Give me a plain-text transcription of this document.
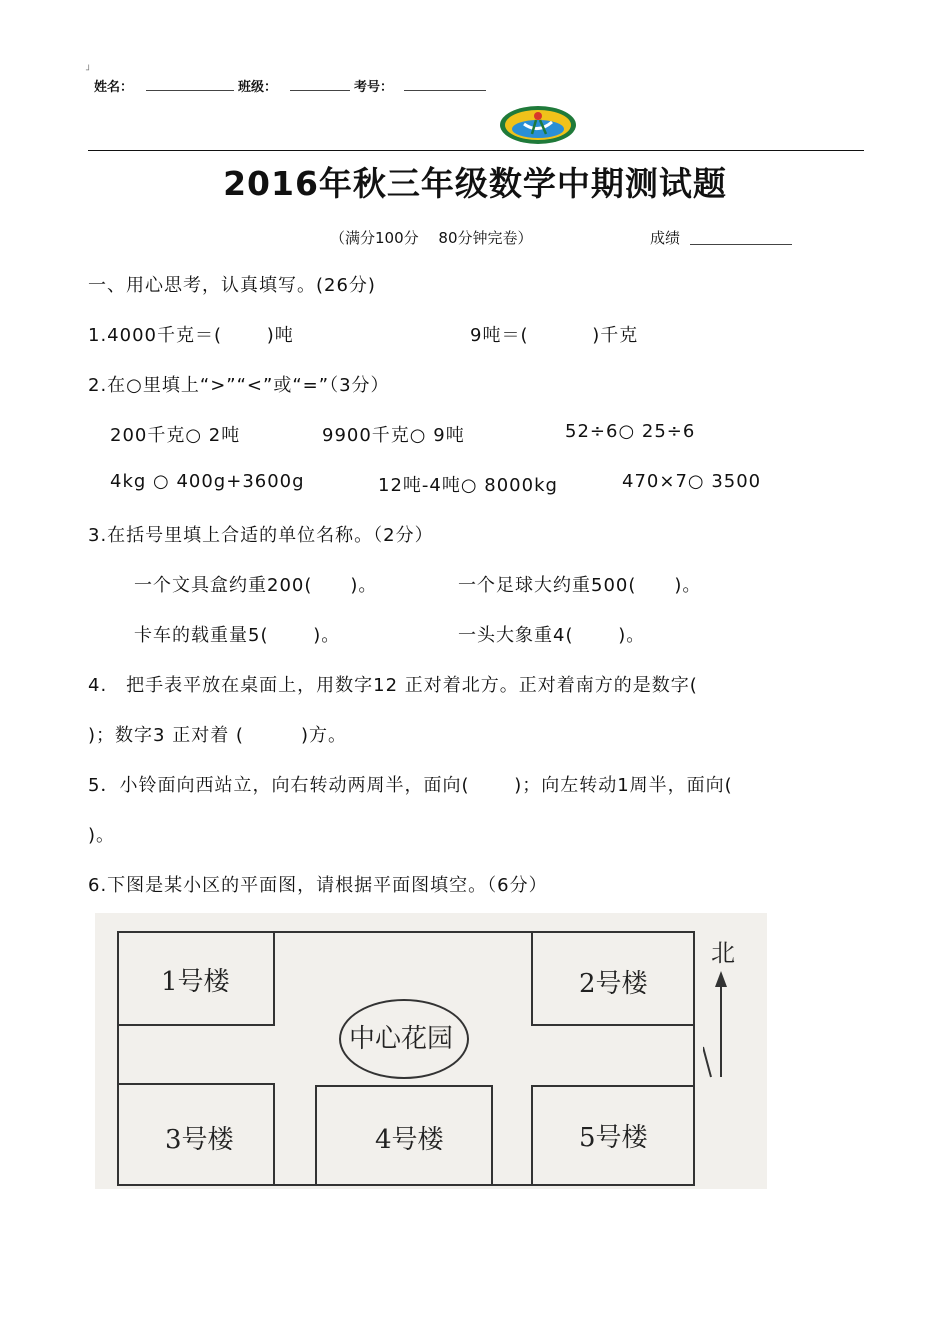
┘
姓名：	班级：	考号：
2016年秋三年级数学中期测试题
（满分100分　 80分钟完卷）	成绩
一、用心思考，认真填写。(26分)
1.4000千克＝(　　 )吨	9吨＝(　　　 )千克
2.在○里填上“>”“<”或“=”（3分）
200千克○ 2吨	9900千克○ 9吨	52÷6○ 25÷6
4kg ○ 400g+3600g	12吨-4吨○ 8000kg	470×7○ 3500
3.在括号里填上合适的单位名称。（2分）
一个文具盒约重200(　　)。	一个足球大约重500(　　)。
卡车的载重量5(　　 )。	一头大象重4(　　 )。
4.　把手表平放在桌面上，用数字12 正对着北方。正对着南方的是数字(
)；数字3 正对着 (　　　)方。
5．小铃面向西站立，向右转动两周半，面向(　　 )；向左转动1周半，面向(
)。
6.下图是某小区的平面图，请根据平面图填空。（6分）
1号楼	2号楼
3号楼	4号楼	5号楼
中心花园
北
